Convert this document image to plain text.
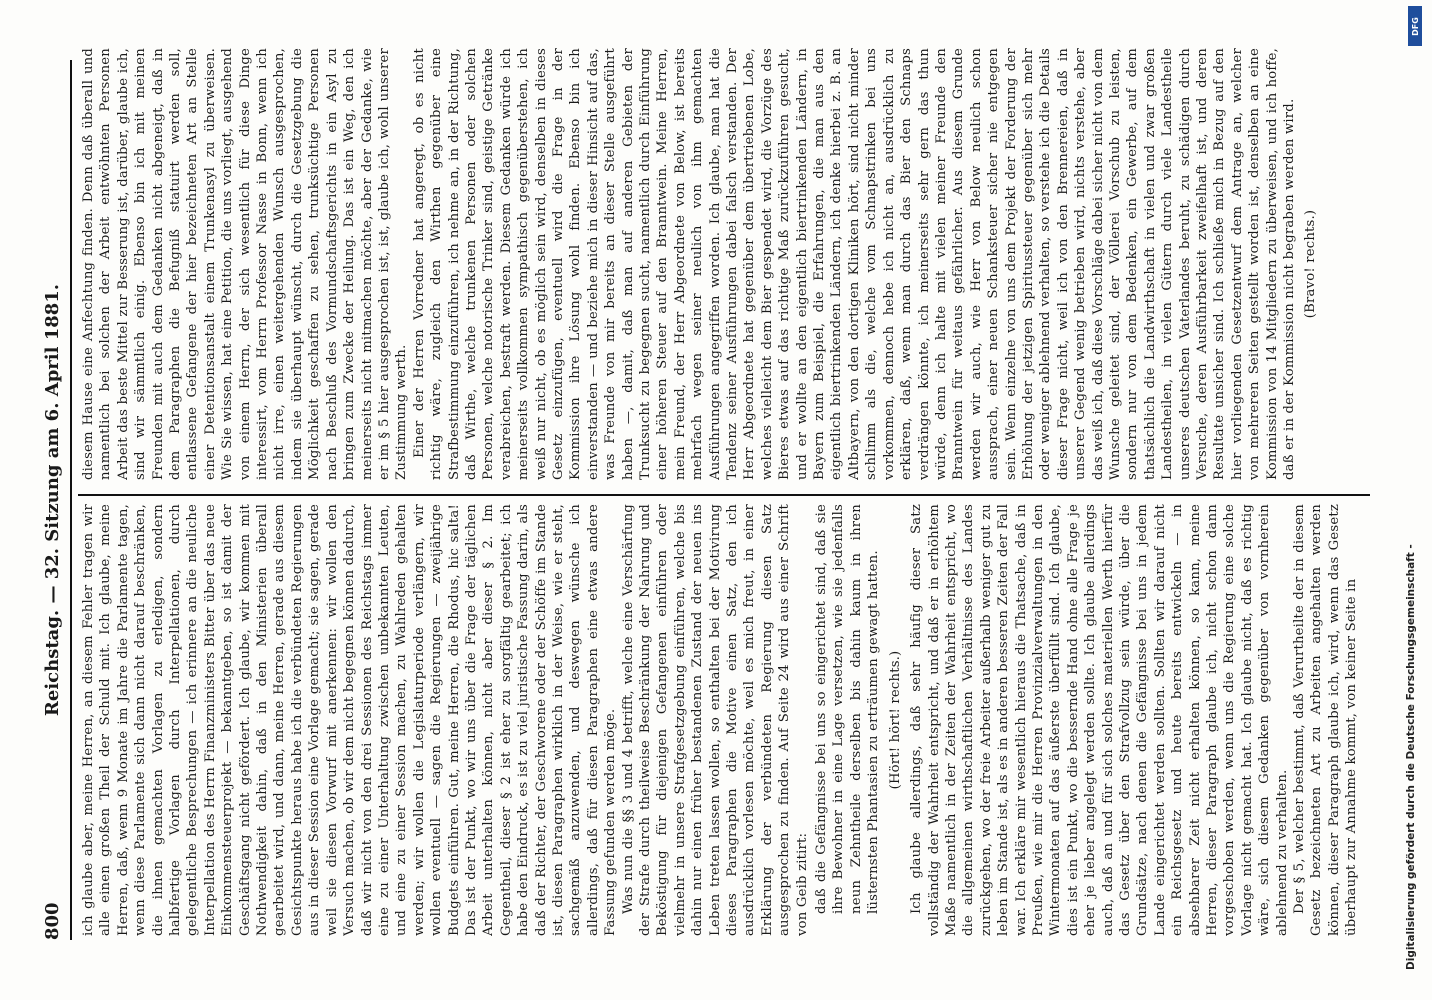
800
Reichstag. — 32. Sitzung am 6. April 1881.

ich glaube aber, meine Herren, an diesem Fehler tragen wir alle einen großen Theil der Schuld mit. Ich glaube, meine Herren, daß, wenn 9 Monate im Jahre die Parlamente tagen, wenn diese Parlamente sich dann nicht darauf beschränken, die ihnen gemachten Vorlagen zu erledigen, sondern halbfertige Vorlagen durch Interpellationen, durch gelegentliche Besprechungen — ich erinnere an die neuliche Interpellation des Herrn Finanzministers Bitter über das neue Einkommensteuerprojekt — bekanntgeben, so ist damit der Geschäftsgang nicht gefördert. Ich glaube, wir kommen mit Nothwendigkeit dahin, daß in den Ministerien überall gearbeitet wird, und dann, meine Herren, gerade aus diesem Gesichtspunkte heraus habe ich die verbündeten Regierungen aus in dieser Session eine Vorlage gemacht; sie sagen, gerade weil sie diesen Vorwurf mit anerkennen: wir wollen den Versuch machen, ob wir dem nicht begegnen können dadurch, daß wir nicht von den drei Sessionen des Reichstags immer eine zu einer Unterhaltung zwischen unbekannten Leuten, und eine zu einer Session machen, zu Wahlreden gehalten werden; wir wollen die Legislaturperiode verlängern, wir wollen eventuell — sagen die Regierungen — zweijährige Budgets einführen. Gut, meine Herren, die Rhodus, hic salta! Das ist der Punkt, wo wir uns über die Frage der täglichen Arbeit unterhalten können, nicht aber dieser § 2. Im Gegentheil, dieser § 2 ist eher zu sorgfältig gearbeitet; ich habe den Eindruck, es ist zu viel juristische Fassung darin, als daß der Richter, der Geschworene oder der Schöffe im Stande ist, diesen Paragraphen wirklich in der Weise, wie er steht, sachgemäß anzuwenden, und deswegen wünsche ich allerdings, daß für diesen Paragraphen eine etwas andere Fassung gefunden werden möge. Was nun die §§ 3 und 4 betrifft, welche eine Verschärfung der Strafe durch theilweise Beschränkung der Nahrung und Beköstigung für diejenigen Gefangenen einführen oder vielmehr in unsere Strafgesetzgebung einführen, welche bis dahin nur einen früher bestandenen Zustand der neuen ins Leben treten lassen wollen, so enthalten bei der Motivirung dieses Paragraphen die Motive einen Satz, den ich ausdrücklich vorlesen möchte, weil es mich freut, in einer Erklärung der verbündeten Regierung diesen Satz ausgesprochen zu finden. Auf Seite 24 wird aus einer Schrift von Geib zitirt: daß die Gefängnisse bei uns so eingerichtet sind, daß sie ihre Bewohner in eine Lage versetzen, wie sie jedenfalls neun Zehntheile derselben bis dahin kaum in ihren lüsternsten Phantasien zu erträumen gewagt hatten. (Hört! hört! rechts.) Ich glaube allerdings, daß sehr häufig dieser Satz vollständig der Wahrheit entspricht, und daß er in erhöhtem Maße namentlich in der Zeiten der Wahrheit entspricht, wo die allgemeinen wirthschaftlichen Verhältnisse des Landes zurückgehen, wo der freie Arbeiter außerhalb weniger gut zu leben im Stande ist, als es in anderen besseren Zeiten der Fall war. Ich erkläre mir wesentlich hieraus die Thatsache, daß in Preußen, wie mir die Herren Provinzialverwaltungen in den Wintermonaten auf das äußerste überfüllt sind. Ich glaube, dies ist ein Punkt, wo die bessernde Hand ohne alle Frage je eher je lieber angelegt werden sollte. Ich glaube allerdings auch, daß an und für sich solches materiellen Werth hierfür das Gesetz über den Strafvollzug sein würde, über die Grundsätze, nach denen die Gefängnisse bei uns in jedem Lande eingerichtet werden sollten. Sollten wir darauf nicht ein Reichsgesetz und heute bereits entwickeln — in absehbarer Zeit nicht erhalten können, so kann, meine Herren, dieser Paragraph glaube ich, nicht schon dann vorgeschoben werden, wenn uns die Regierung eine solche Vorlage nicht gemacht hat. Ich glaube nicht, daß es richtig wäre, sich diesem Gedanken gegenüber von vornherein ablehnend zu verhalten. Der § 5, welcher bestimmt, daß Verurtheilte der in diesem Gesetz bezeichneten Art zu Arbeiten angehalten werden können, dieser Paragraph glaube ich, wird, wenn das Gesetz überhaupt zur Annahme kommt, von keiner Seite in

diesem Hause eine Anfechtung finden. Denn daß überall und namentlich bei solchen der Arbeit entwöhnten Personen Arbeit das beste Mittel zur Besserung ist, darüber, glaube ich, sind wir sämmtlich einig. Ebenso bin ich mit meinen Freunden mit auch dem Gedanken nicht abgeneigt, daß in dem Paragraphen die Befugniß statuirt werden soll, entlassene Gefangene der hier bezeichneten Art an Stelle einer Detentionsanstalt einem Trunkenasyl zu überweisen. Wie Sie wissen, hat eine Petition, die uns vorliegt, ausgehend von einem Herrn, der sich wesentlich für diese Dinge interessirt, vom Herrn Professor Nasse in Bonn, wenn ich nicht irre, einen weitergehenden Wunsch ausgesprochen, indem sie überhaupt wünscht, durch die Gesetzgebung die Möglichkeit geschaffen zu sehen, trunksüchtige Personen nach Beschluß des Vormundschaftsgerichts in ein Asyl zu bringen zum Zwecke der Heilung. Das ist ein Weg, den ich meinerseits nicht mitmachen möchte, aber der Gedanke, wie er im § 5 hier ausgesprochen ist, ist, glaube ich, wohl unserer Zustimmung werth. Einer der Herren Vorredner hat angeregt, ob es nicht richtig wäre, zugleich den Wirthen gegenüber eine Strafbestimmung einzuführen, ich nehme an, in der Richtung, daß Wirthe, welche trunkenen Personen oder solchen Personen, welche notorische Trinker sind, geistige Getränke verabreichen, bestraft werden. Diesem Gedanken würde ich meinerseits vollkommen sympathisch gegenüberstehen, ich weiß nur nicht, ob es möglich sein wird, denselben in dieses Gesetz einzufügen, eventuell wird die Frage in der Kommission ihre Lösung wohl finden. Ebenso bin ich einverstanden — und beziehe mich in dieser Hinsicht auf das, was Freunde von mir bereits an dieser Stelle ausgeführt haben —, damit, daß man auf anderen Gebieten der Trunksucht zu begegnen sucht, namentlich durch Einführung einer höheren Steuer auf den Branntwein. Meine Herren, mein Freund, der Herr Abgeordnete von Below, ist bereits mehrfach wegen seiner neulich von ihm gemachten Ausführungen angegriffen worden. Ich glaube, man hat die Tendenz seiner Ausführungen dabei falsch verstanden. Der Herr Abgeordnete hat gegenüber dem übertriebenen Lobe, welches vielleicht dem Bier gespendet wird, die Vorzüge des Bieres etwas auf das richtige Maß zurückzuführen gesucht, und er wollte an den eigentlich biertrinkenden Ländern, in Bayern zum Beispiel, die Erfahrungen, die man aus den eigentlich biertrinkenden Ländern, ich denke hierbei z. B. an Altbayern, von den dortigen Kliniken hört, sind nicht minder schlimm als die, welche vom Schnapstrinken bei uns vorkommen, dennoch hebe ich nicht an, ausdrücklich zu erklären, daß, wenn man durch das Bier den Schnaps verdrängen könnte, ich meinerseits sehr gern das thun würde, denn ich halte mit vielen meiner Freunde den Branntwein für weitaus gefährlicher. Aus diesem Grunde werden wir auch, wie Herr von Below neulich schon aussprach, einer neuen Schanksteuer sicher nie entgegen sein. Wenn einzelne von uns dem Projekt der Forderung der Erhöhung der jetzigen Spiritussteuer gegenüber sich mehr oder weniger ablehnend verhalten, so verstehe ich die Details dieser Frage nicht, weil ich von den Brennereien, daß in unserer Gegend wenig betrieben wird, nichts verstehe, aber das weiß ich, daß diese Vorschläge dabei sicher nicht von dem Wunsche geleitet sind, der Völlerei Vorschub zu leisten, sondern nur von dem Bedenken, ein Gewerbe, auf dem thatsächlich die Landwirthschaft in vielen und zwar großen Landestheilen, in vielen Gütern durch viele Landestheile unseres deutschen Vaterlandes beruht, zu schädigen durch Versuche, deren Ausführbarkeit zweifelhaft ist, und deren Resultate unsicher sind. Ich schließe mich in Bezug auf den hier vorliegenden Gesetzentwurf dem Antrage an, welcher von mehreren Seiten gestellt worden ist, denselben an eine Kommission von 14 Mitgliedern zu überweisen, und ich hoffe, daß er in der Kommission nicht begraben werden wird. (Bravo! rechts.)

DFG
Digitalisierung gefördert durch die Deutsche Forschungsgemeinschaft -
